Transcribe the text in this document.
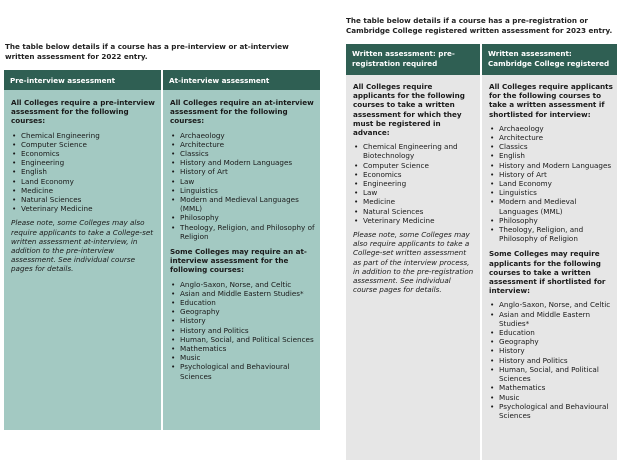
The table below details if a course has a pre-interview or at-interview written assessment for 2022 entry.
Pre-interview assessment	At-interview assessment

All Colleges require a pre-interview assessment for the following courses:

• Chemical Engineering
• Computer Science
• Economics
• Engineering
• English
• Land Economy
• Medicine
• Natural Sciences
• Veterinary Medicine

Please note, some Colleges may also require applicants to take a College-set written assessment at-interview, in addition to the pre-interview assessment. See individual course pages for details.

All Colleges require an at-interview assessment for the following courses:

• Archaeology
• Architecture
• Classics
• History and Modern Languages
• History of Art
• Law
• Linguistics
• Modern and Medieval Languages (MML)
• Philosophy
• Theology, Religion, and Philosophy of Religion

Some Colleges may require an at-interview assessment for the following courses:

• Anglo-Saxon, Norse, and Celtic
• Asian and Middle Eastern Studies*
• Education
• Geography
• History
• History and Politics
• Human, Social, and Political Sciences
• Mathematics
• Music
• Psychological and Behavioural Sciences
The table below details if a course has a pre-registration or Cambridge College registered written assessment for 2023 entry.
Written assessment: pre-registration required
Written assessment: Cambridge College registered

All Colleges require applicants for the following courses to take a written assessment for which they must be registered in advance:

• Chemical Engineering and Biotechnology
• Computer Science
• Economics
• Engineering
• Law
• Medicine
• Natural Sciences
• Veterinary Medicine

Please note, some Colleges may also require applicants to take a College-set written assessment as part of the interview process, in addition to the pre-registration assessment. See individual course pages for details.

All Colleges require applicants for the following courses to take a written assessment if shortlisted for interview:

• Archaeology
• Architecture
• Classics
• English
• History and Modern Languages
• History of Art
• Land Economy
• Linguistics
• Modern and Medieval Languages (MML)
• Philosophy
• Theology, Religion, and Philosophy of Religion

Some Colleges may require applicants for the following courses to take a written assessment if shortlisted for interview:

• Anglo-Saxon, Norse, and Celtic
• Asian and Middle Eastern Studies*
• Education
• Geography
• History
• History and Politics
• Human, Social, and Political Sciences
• Mathematics
• Music
• Psychological and Behavioural Sciences
